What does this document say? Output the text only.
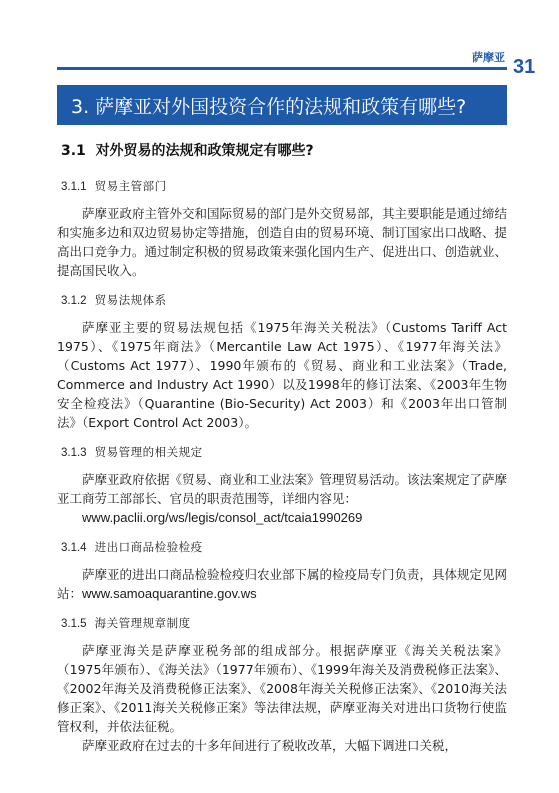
萨摩亚 31
3. 萨摩亚对外国投资合作的法规和政策有哪些?
3.1 对外贸易的法规和政策规定有哪些?
3.1.1 贸易主管部门

萨摩亚政府主管外交和国际贸易的部门是外交贸易部，其主要职能是通过缔结和实施多边和双边贸易协定等措施，创造自由的贸易环境、制订国家出口战略、提高出口竞争力。通过制定积极的贸易政策来强化国内生产、促进出口、创造就业、提高国民收入。

3.1.2 贸易法规体系

萨摩亚主要的贸易法规包括《1975年海关关税法》（Customs Tariff Act 1975）、《1975年商法》（Mercantile Law Act 1975）、《1977年海关法》（Customs Act 1977）、1990年颁布的《贸易、商业和工业法案》（Trade, Commerce and Industry Act 1990）以及1998年的修订法案、《2003年生物安全检疫法》（Quarantine (Bio-Security) Act 2003）和《2003年出口管制法》（Export Control Act 2003）。

3.1.3 贸易管理的相关规定

萨摩亚政府依据《贸易、商业和工业法案》管理贸易活动。该法案规定了萨摩亚工商劳工部部长、官员的职责范围等，详细内容见：

www.paclii.org/ws/legis/consol_act/tcaia1990269

3.1.4 进出口商品检验检疫

萨摩亚的进出口商品检验检疫归农业部下属的检疫局专门负责，具体规定见网站：www.samoaquarantine.gov.ws

3.1.5 海关管理规章制度

萨摩亚海关是萨摩亚税务部的组成部分。根据萨摩亚《海关关税法案》（1975年颁布）、《海关法》（1977年颁布）、《1999年海关及消费税修正法案》、《2002年海关及消费税修正法案》、《2008年海关关税修正法案》、《2010海关法修正案》、《2011海关关税修正案》等法律法规，萨摩亚海关对进出口货物行使监管权利，并依法征税。

萨摩亚政府在过去的十多年间进行了税收改革，大幅下调进口关税，
